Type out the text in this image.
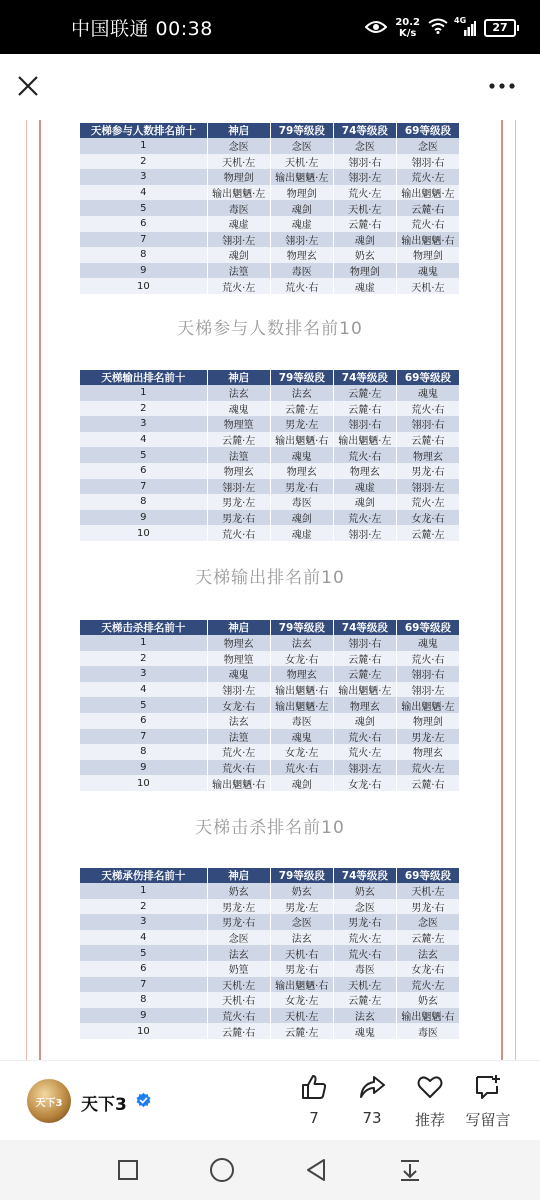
中国联通 00:38	20.2
K/s
4G
27
天梯参与人数排名前十	神启	79等级段	74等级段	69等级段
1	念医	念医	念医	念医
2	天机·左	天机·左	翎羽·右	翎羽·右
3	物理剑	输出魍魉·左	翎羽·左	荒火·左
4	输出魍魉·左	物理剑	荒火·左	输出魍魉·左
5	毒医	魂剑	天机·左	云麓·右
6	魂虚	魂虚	云麓·右	荒火·右
7	翎羽·左	翎羽·左	魂剑	输出魍魉·右
8	魂剑	物理玄	奶玄	物理剑
9	法篁	毒医	物理剑	魂鬼
10	荒火·左	荒火·右	魂虚	天机·左
天梯参与人数排名前10
天梯输出排名前十	神启	79等级段	74等级段	69等级段
1	法玄	法玄	云麓·左	魂鬼
2	魂鬼	云麓·左	云麓·右	荒火·右
3	物理篁	男龙·左	翎羽·右	翎羽·右
4	云麓·左	输出魍魉·右	输出魍魉·左	云麓·右
5	法篁	魂鬼	荒火·右	物理玄
6	物理玄	物理玄	物理玄	男龙·右
7	翎羽·左	男龙·右	魂虚	翎羽·左
8	男龙·左	毒医	魂剑	荒火·左
9	男龙·右	魂剑	荒火·左	女龙·右
10	荒火·右	魂虚	翎羽·左	云麓·左
天梯输出排名前10
天梯击杀排名前十	神启	79等级段	74等级段	69等级段
1	物理玄	法玄	翎羽·右	魂鬼
2	物理篁	女龙·右	云麓·右	荒火·右
3	魂鬼	物理玄	云麓·左	翎羽·右
4	翎羽·左	输出魍魉·右	输出魍魉·左	翎羽·左
5	女龙·右	输出魍魉·左	物理玄	输出魍魉·左
6	法玄	毒医	魂剑	物理剑
7	法篁	魂鬼	荒火·右	男龙·左
8	荒火·左	女龙·左	荒火·左	物理玄
9	荒火·右	荒火·右	翎羽·左	荒火·左
10	输出魍魉·右	魂剑	女龙·右	云麓·右
天梯击杀排名前10
天梯承伤排名前十	神启	79等级段	74等级段	69等级段
1	奶玄	奶玄	奶玄	天机·左
2	男龙·左	男龙·左	念医	男龙·右
3	男龙·右	念医	男龙·右	念医
4	念医	法玄	荒火·左	云麓·左
5	法玄	天机·右	荒火·右	法玄
6	奶篁	男龙·右	毒医	女龙·右
7	天机·左	输出魍魉·右	天机·左	荒火·左
8	天机·右	女龙·左	云麓·左	奶玄
9	荒火·右	天机·左	法玄	输出魍魉·右
10	云麓·右	云麓·左	魂鬼	毒医
天下3 天下3
7	73 推荐 写留言
